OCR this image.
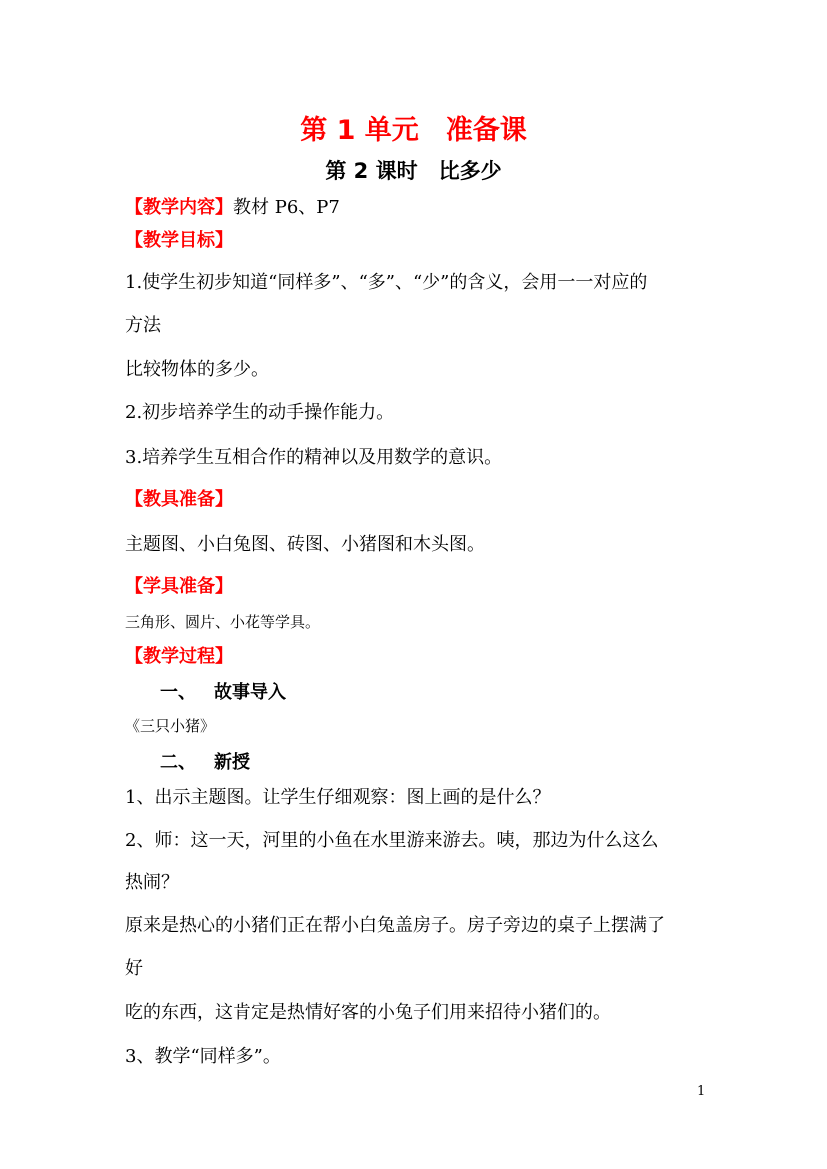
第 1 单元　准备课
第 2 课时　比多少
【教学内容】教材 P6、P7
【教学目标】
1.使学生初步知道“同样多”、“多”、“少”的含义，会用一一对应的
方法
比较物体的多少。
2.初步培养学生的动手操作能力。
3.培养学生互相合作的精神以及用数学的意识。
【教具准备】
主题图、小白兔图、砖图、小猪图和木头图。
【学具准备】
三角形、圆片、小花等学具。
【教学过程】
一、 故事导入
《三只小猪》
二、 新授
1、出示主题图。让学生仔细观察：图上画的是什么？
2、师：这一天，河里的小鱼在水里游来游去。咦，那边为什么这么
热闹？
原来是热心的小猪们正在帮小白兔盖房子。房子旁边的桌子上摆满了
好
吃的东西，这肯定是热情好客的小兔子们用来招待小猪们的。
3、教学“同样多”。
1
